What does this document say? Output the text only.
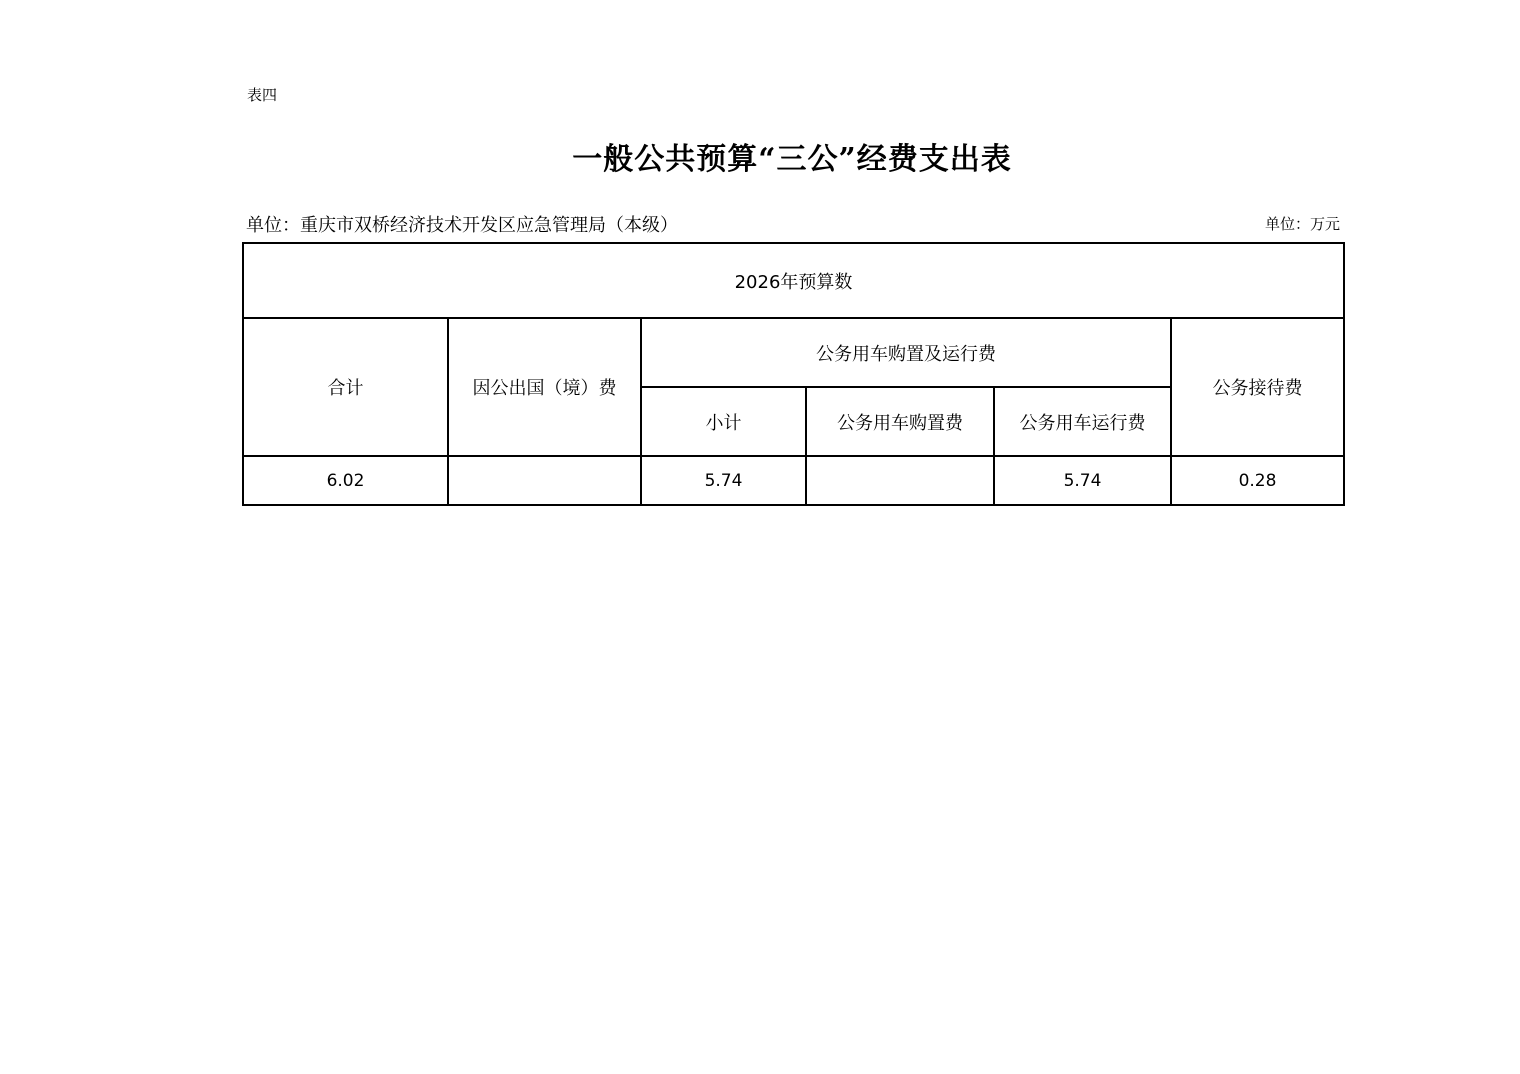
表四
一般公共预算“三公”经费支出表
单位：重庆市双桥经济技术开发区应急管理局（本级）	单位：万元
2026年预算数					
合计	因公出国（境）费	公务用车购置及运行费			公务接待费
		小计	公务用车购置费	公务用车运行费	
6.02		5.74		5.74	0.28
